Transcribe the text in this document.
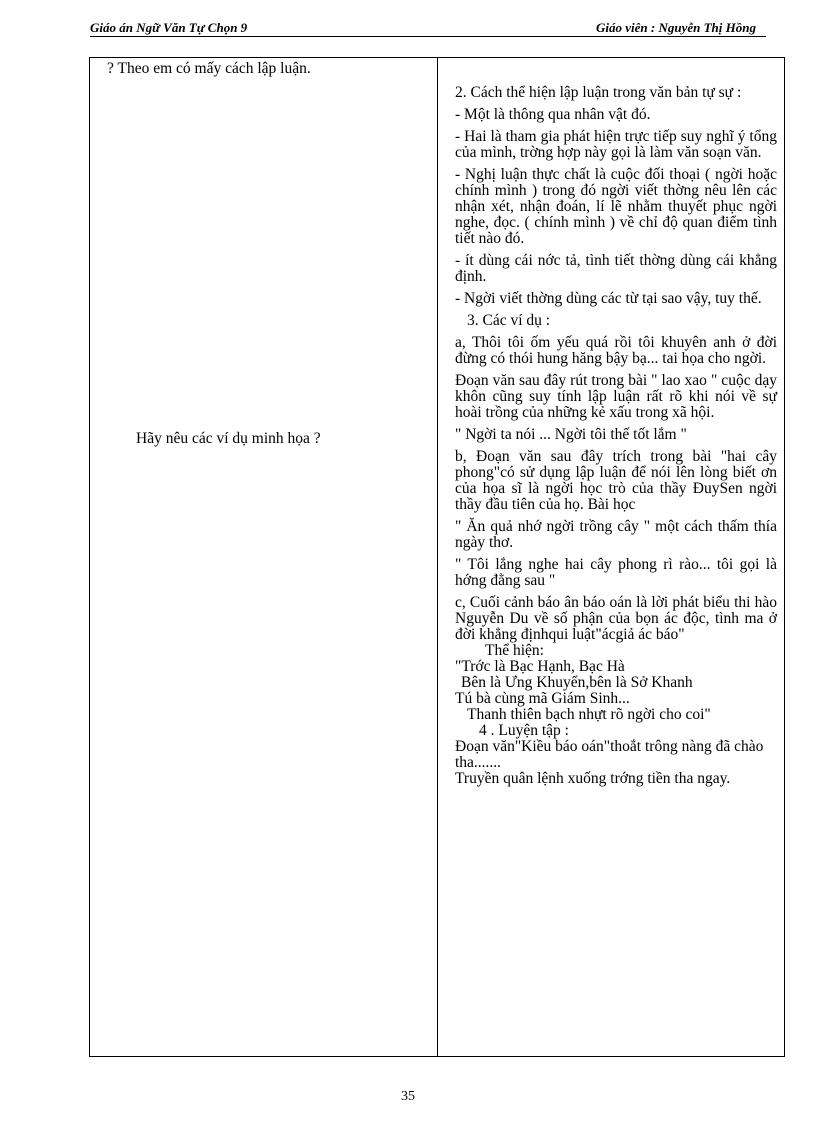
Giáo án Ngữ Văn Tự Chọn 9	Giáo viên : Nguyễn Thị Hồng
? Theo em có mấy cách lập luận.
Hãy nêu các ví dụ minh họa ?

2. Cách thể hiện lập luận trong văn bản tự sự :

- Một là thông qua nhân vật đó.

- Hai là tham gia phát hiện trực tiếp suy nghĩ ý tổng của mình, trờng hợp này gọi là làm văn soạn văn.

- Nghị luận thực chất là cuộc đối thoại ( ngời hoặc chính mình ) trong đó ngời viết thờng nêu lên các nhận xét, nhận đoán, lí lẽ nhằm thuyết phục ngời nghe, đọc. ( chính mình ) về chỉ độ quan điểm tình tiết nào đó.

- ít dùng cái nớc tả, tình tiết thờng dùng cái khẳng định.

- Ngời viết thờng dùng các từ tại sao vậy, tuy thế.

3. Các ví dụ :

a, Thôi tôi ốm yếu quá rồi tôi khuyên anh ở đời đừng có thói hung hăng bậy bạ... tai họa cho ngời.

Đoạn văn sau đây rút trong bài " lao xao " cuộc dạy khôn cũng suy tính lập luận rất rõ khi nói về sự hoài trồng của những kẻ xấu trong xã hội.

" Ngời ta nói ... Ngời tôi thế tốt lắm "

b, Đoạn văn sau đây trích trong bài "hai cây phong"có sử dụng lập luận để nói lên lòng biết ơn của họa sĩ là ngời học trò của thầy ĐuySen ngời thầy đầu tiên của họ. Bài học

" Ăn quả nhớ ngời trồng cây " một cách thấm thía ngày thơ.

" Tôi lắng nghe hai cây phong rì rào... tôi gọi là hớng đằng sau "

c, Cuối cảnh báo ân báo oán là lời phát biểu thi hào Nguyễn Du về số phận của bọn ác độc, tình ma ở đời khẳng địnhqui luật"ácgiả ác báo"

Thể hiện:

"Trớc là Bạc Hạnh, Bạc Hà

Bên là Ưng Khuyển,bên là Sở Khanh

Tú bà cùng mã Giám Sinh...

Thanh thiên bạch nhựt rõ ngời cho coi"

4 . Luyện tập :

Đoạn văn"Kiều báo oán"thoắt trông nàng đã chào tha.......

Truyền quân lệnh xuống trớng tiền tha ngay.

35
